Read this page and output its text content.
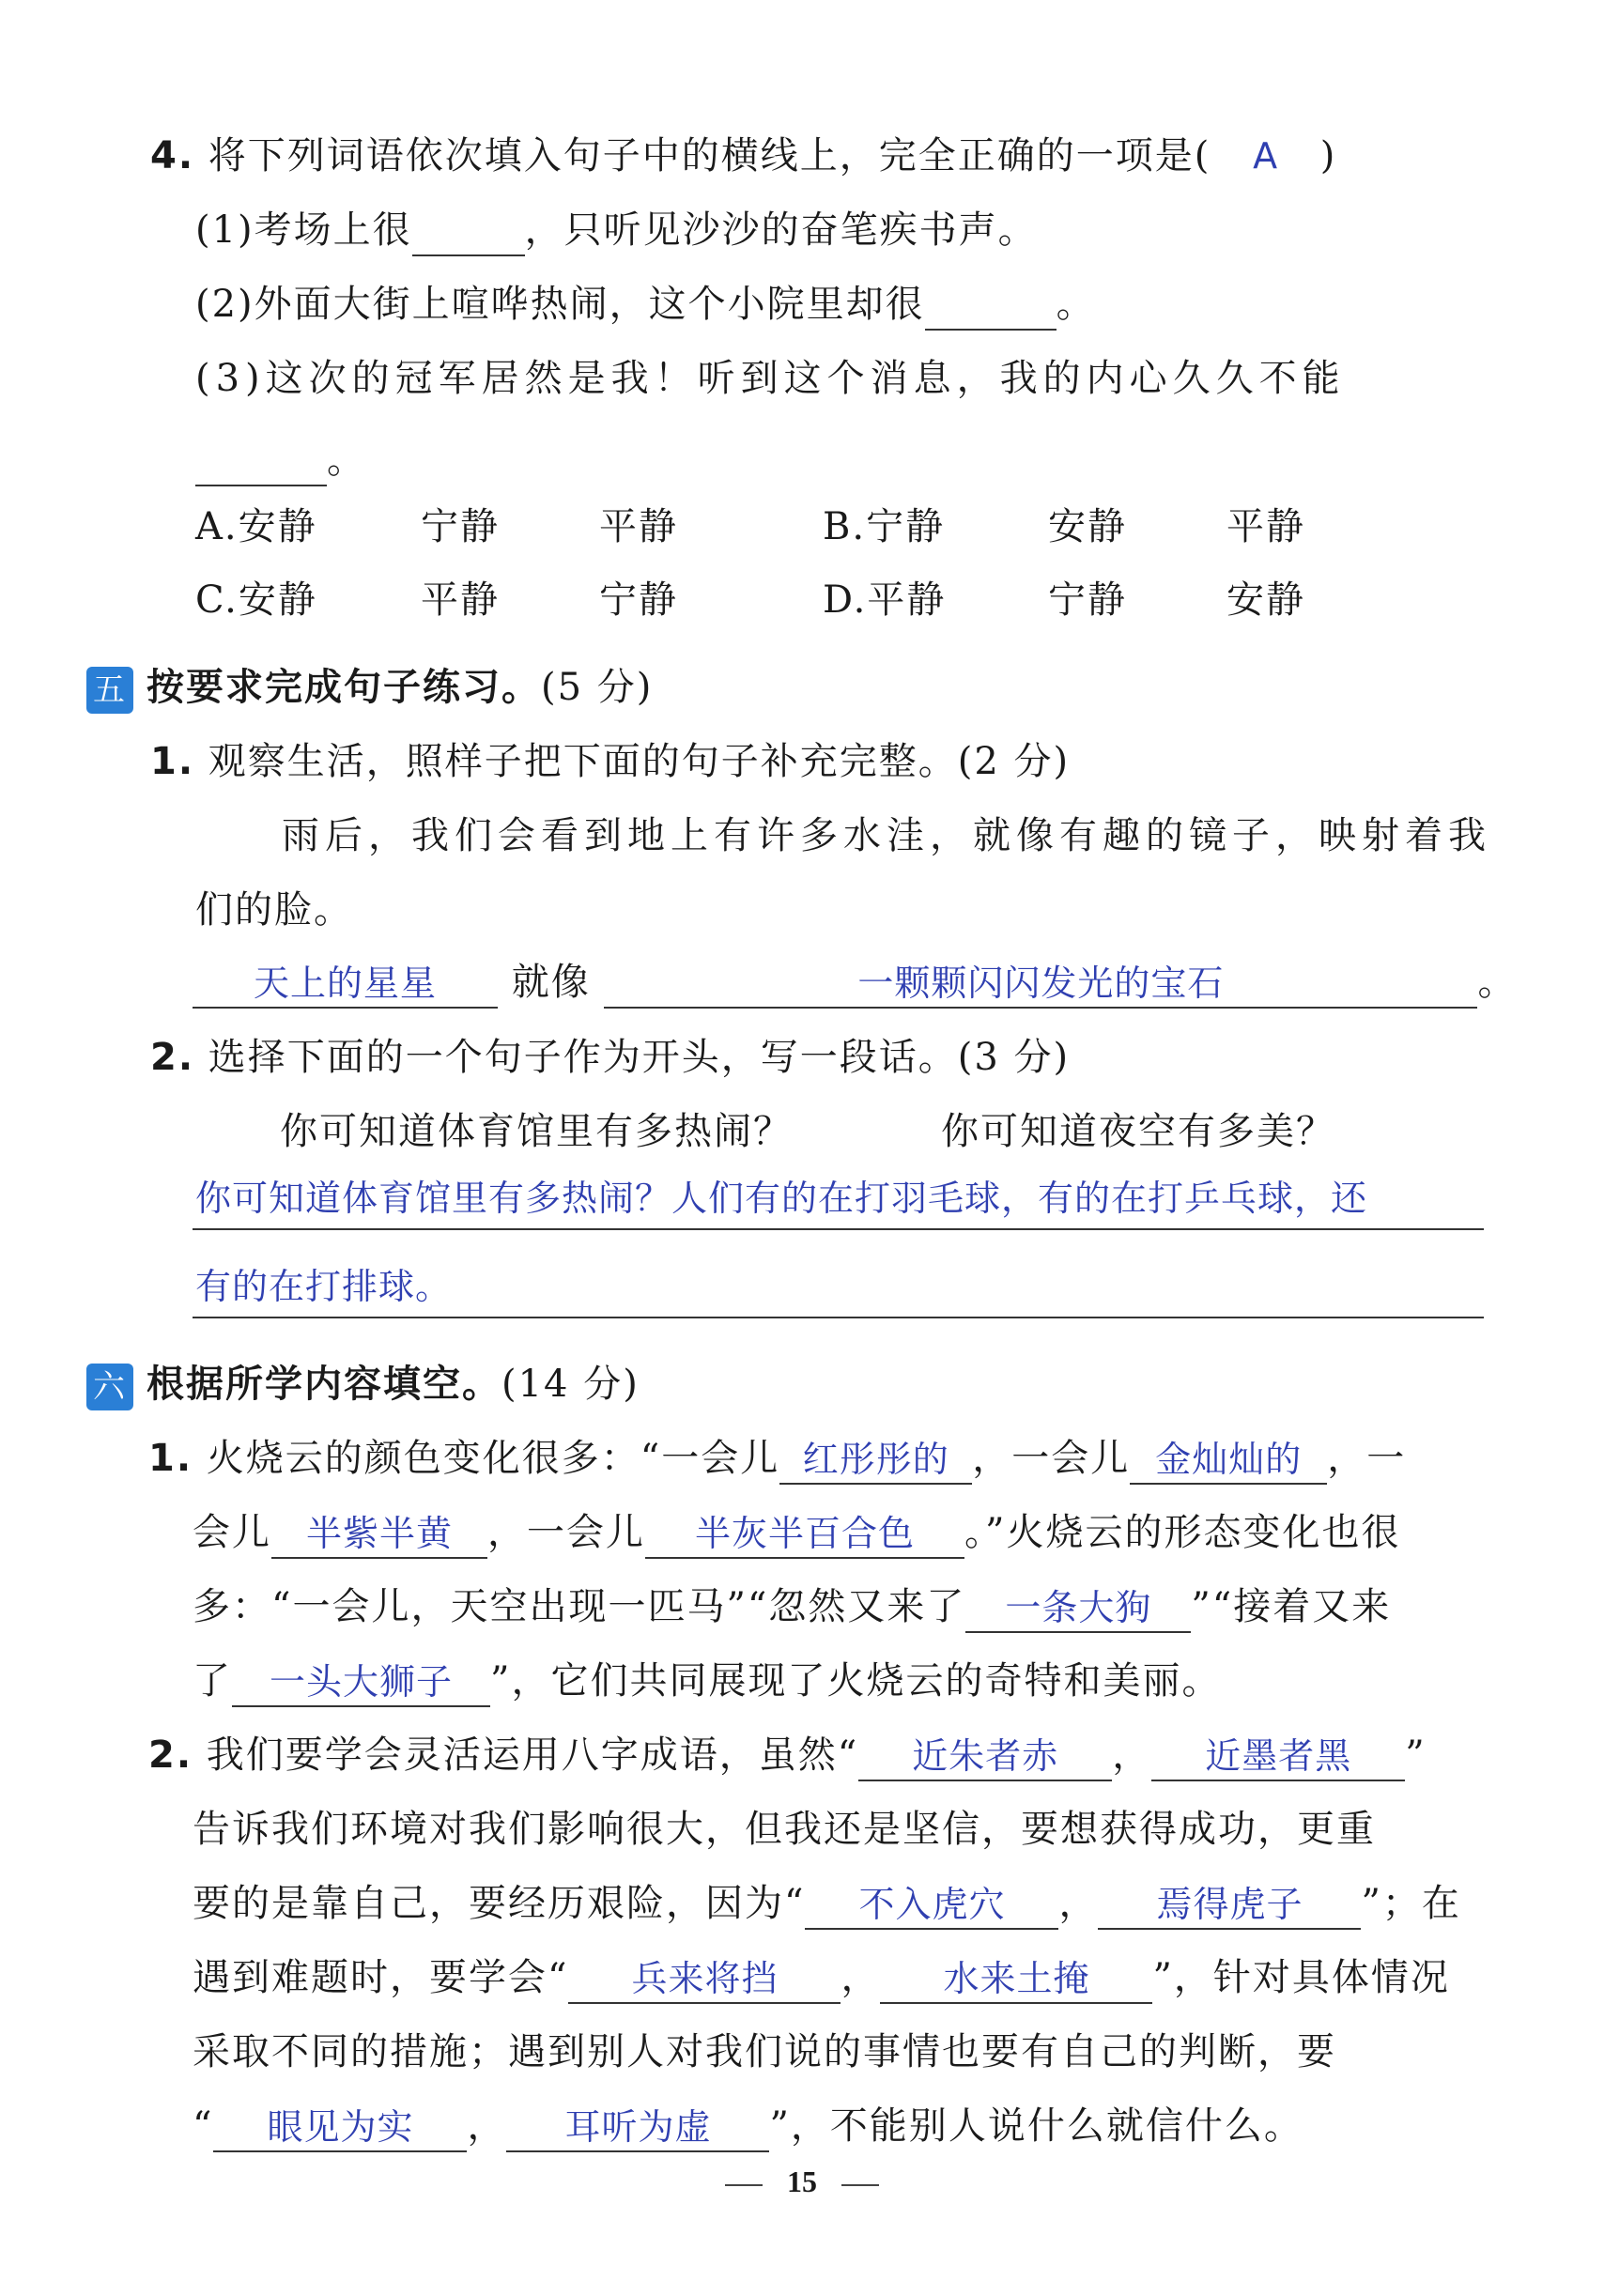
4. 将下列词语依次填入句子中的横线上，完全正确的一项是( A )
(1)考场上很	，只听见沙沙的奋笔疾书声。
(2)外面大街上喧哗热闹，这个小院里却很	。
(3)这次的冠军居然是我！听到这个消息，我的内心久久不能
。
A.安静	宁静	平静	B.宁静	安静	平静
C.安静	平静	宁静	D.平静	宁静	安静
五 按要求完成句子练习。(5 分)
1. 观察生活，照样子把下面的句子补充完整。(2 分)
雨后，我们会看到地上有许多水洼，就像有趣的镜子，映射着我
们的脸。
天上的星星 就像	一颗颗闪闪发光的宝石	。
2. 选择下面的一个句子作为开头，写一段话。(3 分)
你可知道体育馆里有多热闹？	你可知道夜空有多美？
你可知道体育馆里有多热闹？人们有的在打羽毛球，有的在打乒乓球，还
有的在打排球。
六 根据所学内容填空。(14 分)
1. 火烧云的颜色变化很多：“一会儿 红彤彤的 ，一会儿 金灿灿的 ，一
会儿 半紫半黄 ，一会儿 半灰半百合色 。”火烧云的形态变化也很
多：“一会儿，天空出现一匹马”“忽然又来了 一条大狗 ”“接着又来
了 一头大狮子 ”，它们共同展现了火烧云的奇特和美丽。
2. 我们要学会灵活运用八字成语，虽然“ 近朱者赤 ， 近墨者黑 ”
告诉我们环境对我们影响很大，但我还是坚信，要想获得成功，更重
要的是靠自己，要经历艰险，因为“ 不入虎穴 ， 焉得虎子 ”；在
遇到难题时，要学会“ 兵来将挡 ， 水来土掩 ”，针对具体情况
采取不同的措施；遇到别人对我们说的事情也要有自己的判断，要
“ 眼见为实 ， 耳听为虚 ”，不能别人说什么就信什么。
15
